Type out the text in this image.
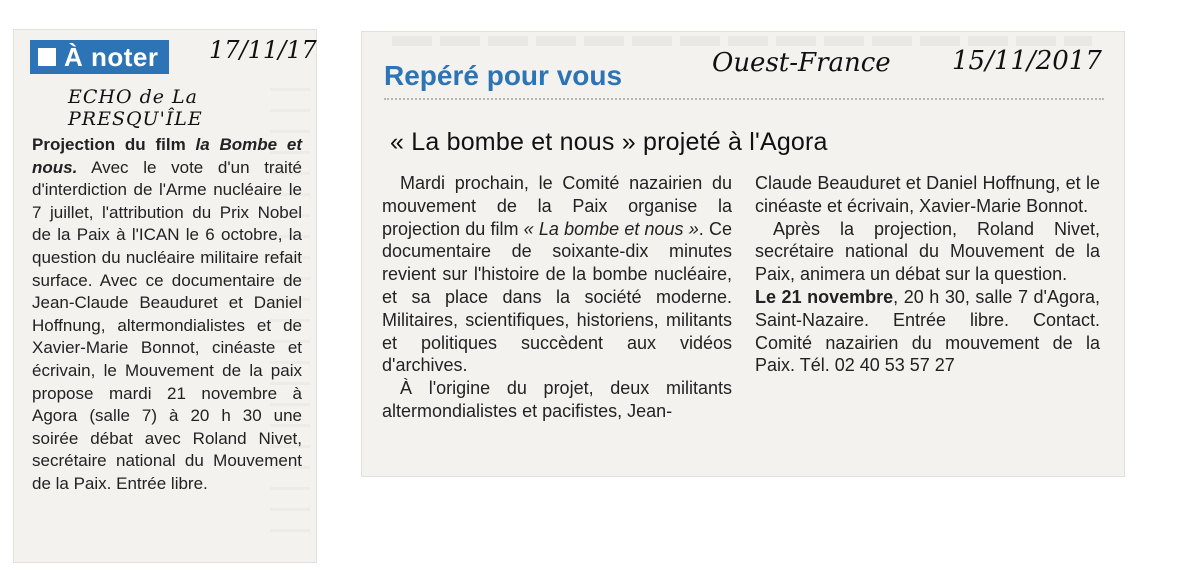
À noter 17/11/17
ECHO de La PRESQU'ÎLE
Projection du film la Bombe et nous. Avec le vote d'un traité d'interdiction de l'Arme nucléaire le 7 juillet, l'attribution du Prix Nobel de la Paix à l'ICAN le 6 octobre, la question du nucléaire militaire refait surface. Avec ce documentaire de Jean-Claude Beauduret et Daniel Hoffnung, altermondialistes et de Xavier-Marie Bonnot, cinéaste et écrivain, le Mouvement de la paix propose mardi 21 novembre à Agora (salle 7) à 20 h 30 une soirée débat avec Roland Nivet, secrétaire national du Mouvement de la Paix. Entrée libre.
Repéré pour vous	Ouest-France 15/11/2017
« La bombe et nous » projeté à l'Agora

Mardi prochain, le Comité nazairien du mouvement de la Paix organise la projection du film « La bombe et nous ». Ce documentaire de soixante-dix minutes revient sur l'histoire de la bombe nucléaire, et sa place dans la société moderne. Militaires, scientifiques, historiens, militants et politiques succèdent aux vidéos d'archives.

À l'origine du projet, deux militants altermondialistes et pacifistes, Jean-

Claude Beauduret et Daniel Hoffnung, et le cinéaste et écrivain, Xavier-Marie Bonnot.

Après la projection, Roland Nivet, secrétaire national du Mouvement de la Paix, animera un débat sur la question.

Le 21 novembre, 20 h 30, salle 7 d'Agora, Saint-Nazaire. Entrée libre. Contact. Comité nazairien du mouvement de la Paix. Tél. 02 40 53 57 27
